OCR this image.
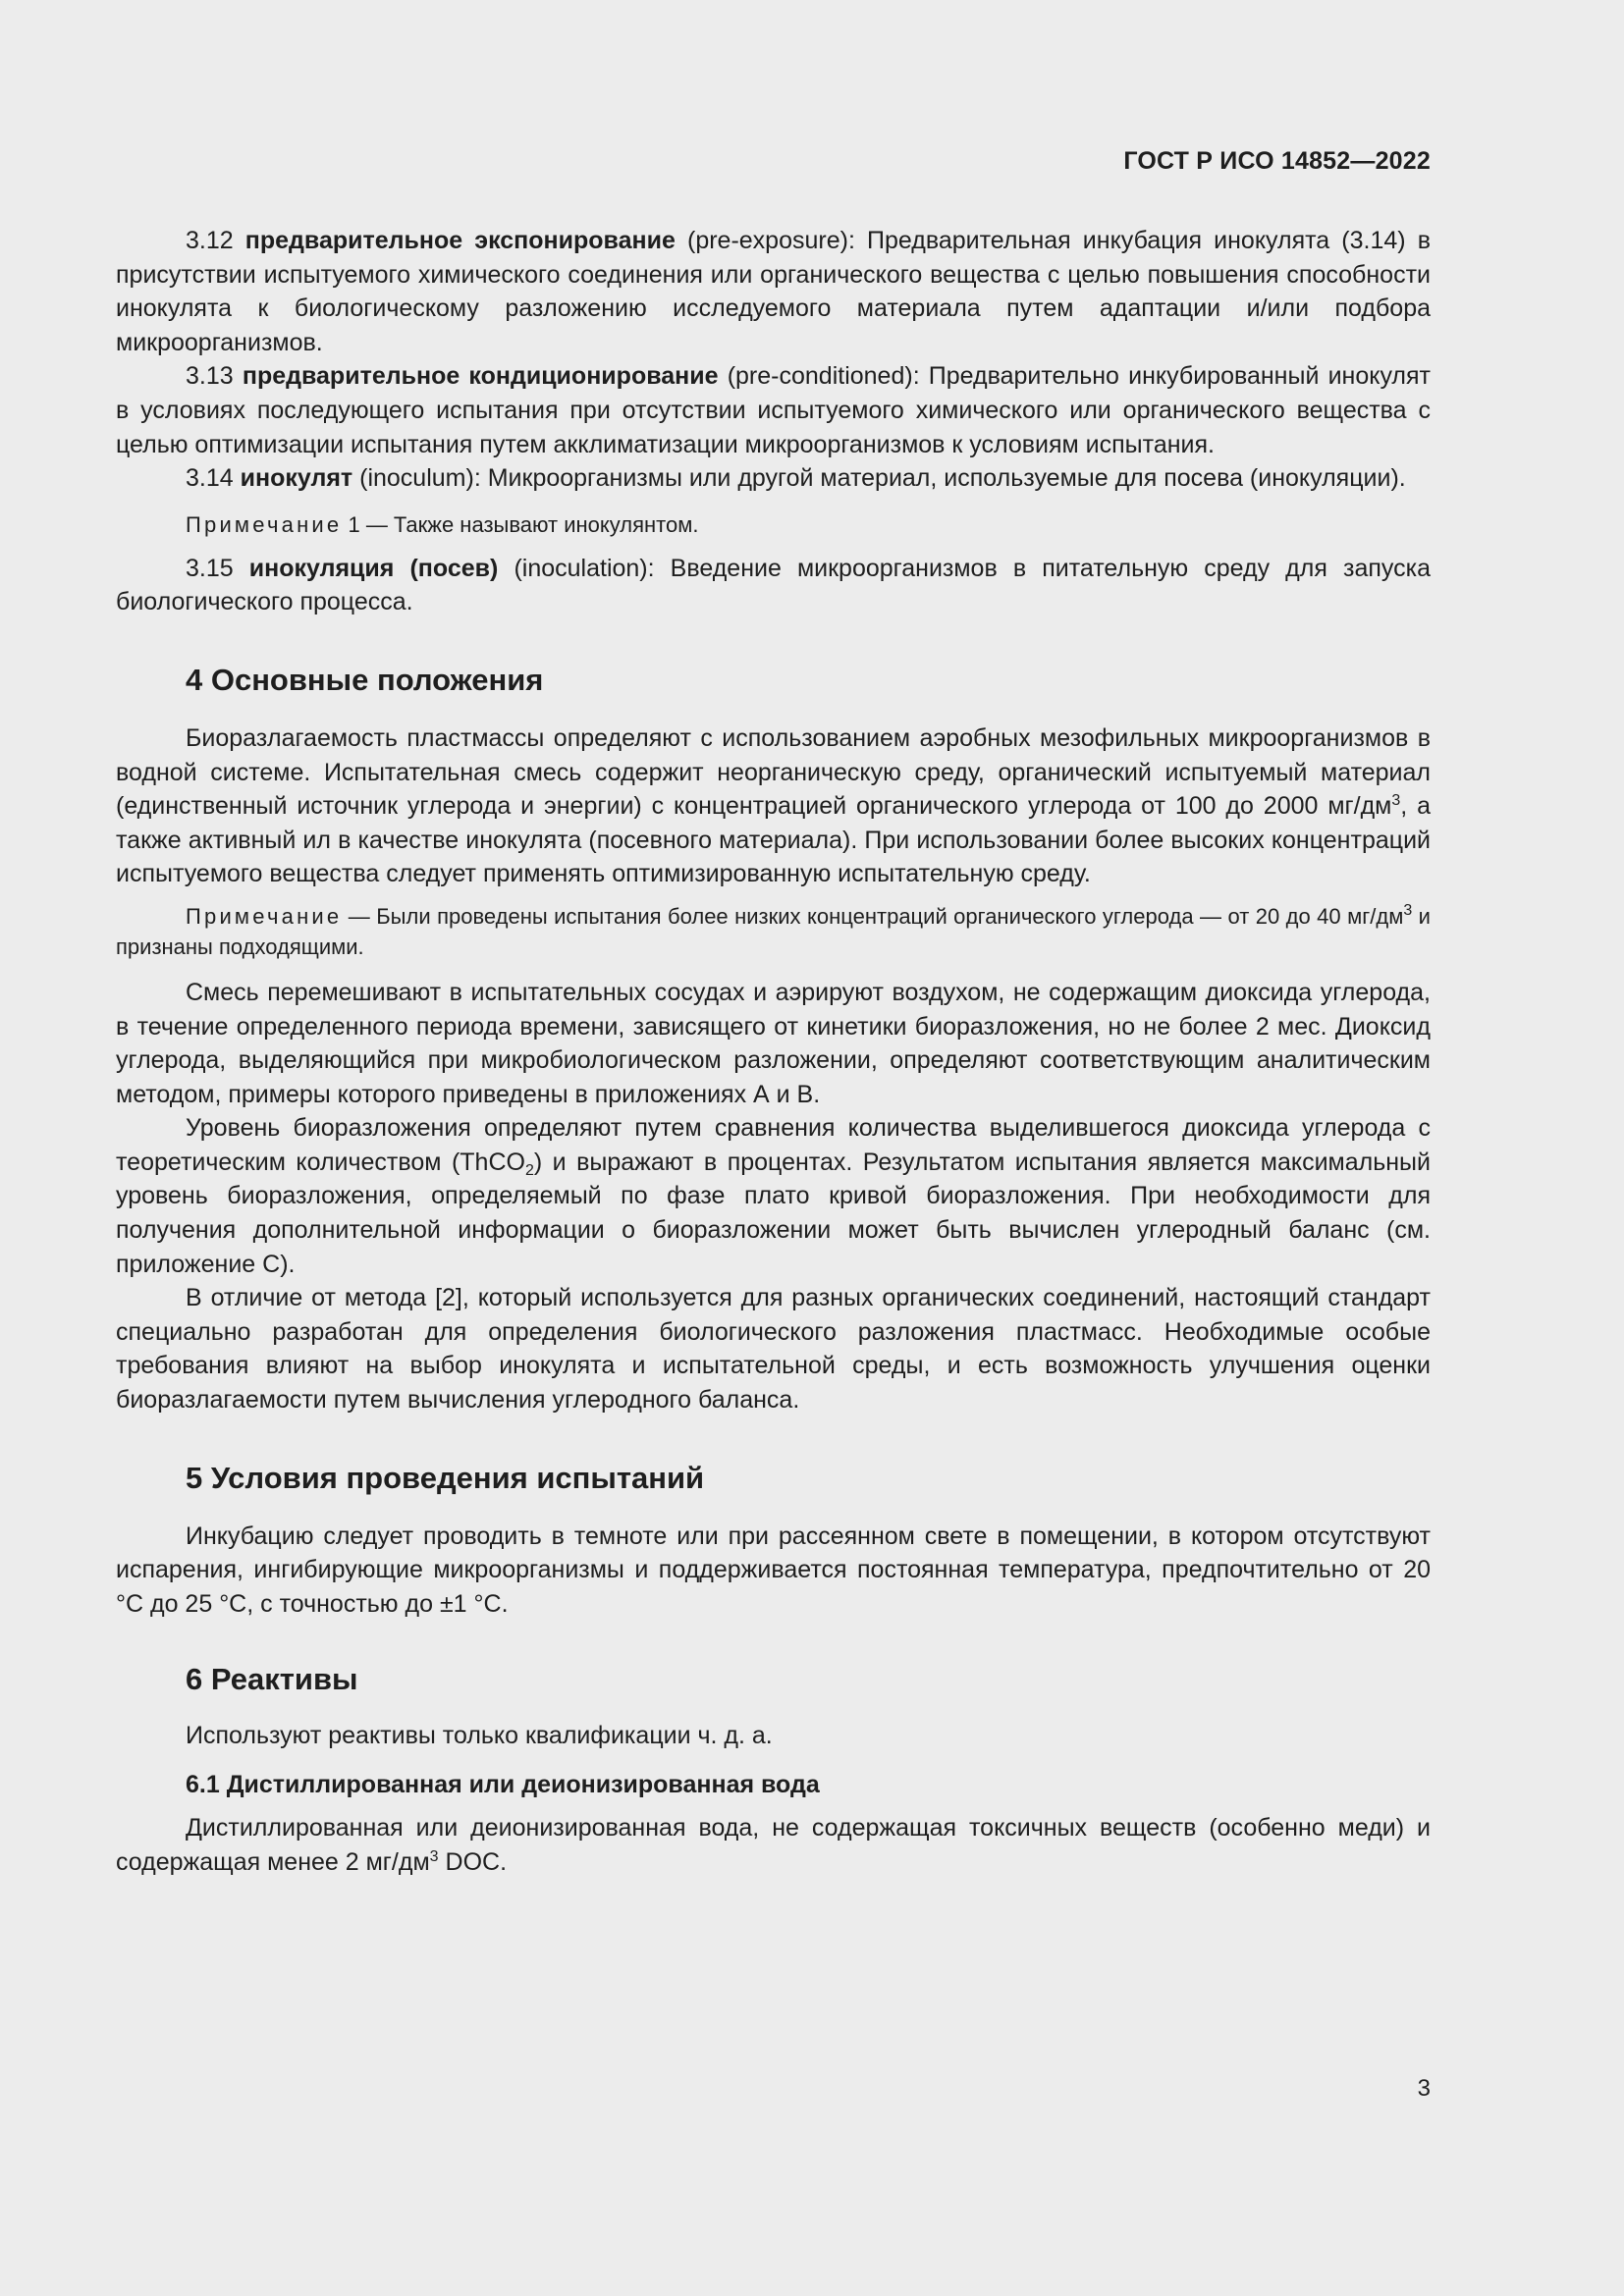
ГОСТ Р ИСО 14852—2022

3.12 предварительное экспонирование (pre-exposure): Предварительная инкубация инокулята (3.14) в присутствии испытуемого химического соединения или органического вещества с целью повышения способности инокулята к биологическому разложению исследуемого материала путем адаптации и/или подбора микроорганизмов.

3.13 предварительное кондиционирование (pre-conditioned): Предварительно инкубированный инокулят в условиях последующего испытания при отсутствии испытуемого химического или органического вещества с целью оптимизации испытания путем акклиматизации микроорганизмов к условиям испытания.

3.14 инокулят (inoculum): Микроорганизмы или другой материал, используемые для посева (инокуляции).

Примечание 1 — Также называют инокулянтом.

3.15 инокуляция (посев) (inoculation): Введение микроорганизмов в питательную среду для запуска биологического процесса.

4 Основные положения

Биоразлагаемость пластмассы определяют с использованием аэробных мезофильных микроорганизмов в водной системе. Испытательная смесь содержит неорганическую среду, органический испытуемый материал (единственный источник углерода и энергии) с концентрацией органического углерода от 100 до 2000 $мг/дм^3$, а также активный ил в качестве инокулята (посевного материала). При использовании более высоких концентраций испытуемого вещества следует применять оптимизированную испытательную среду.

Примечание — Были проведены испытания более низких концентраций органического углерода — от 20 до 40 $мг/дм^3$ и признаны подходящими.

Смесь перемешивают в испытательных сосудах и аэрируют воздухом, не содержащим диоксида углерода, в течение определенного периода времени, зависящего от кинетики биоразложения, но не более 2 мес. Диоксид углерода, выделяющийся при микробиологическом разложении, определяют соответствующим аналитическим методом, примеры которого приведены в приложениях А и В.

Уровень биоразложения определяют путем сравнения количества выделившегося диоксида углерода с теоретическим количеством (ThCO$_2$) и выражают в процентах. Результатом испытания является максимальный уровень биоразложения, определяемый по фазе плато кривой биоразложения. При необходимости для получения дополнительной информации о биоразложении может быть вычислен углеродный баланс (см. приложение С).

В отличие от метода [2], который используется для разных органических соединений, настоящий стандарт специально разработан для определения биологического разложения пластмасс. Необходимые особые требования влияют на выбор инокулята и испытательной среды, и есть возможность улучшения оценки биоразлагаемости путем вычисления углеродного баланса.

5 Условия проведения испытаний

Инкубацию следует проводить в темноте или при рассеянном свете в помещении, в котором отсутствуют испарения, ингибирующие микроорганизмы и поддерживается постоянная температура, предпочтительно от 20 °С до 25 °С, с точностью до ±1 °С.

6 Реактивы

Используют реактивы только квалификации ч. д. а.

6.1 Дистиллированная или деионизированная вода

Дистиллированная или деионизированная вода, не содержащая токсичных веществ (особенно меди) и содержащая менее 2 $мг/дм^3$ DOC.

3
